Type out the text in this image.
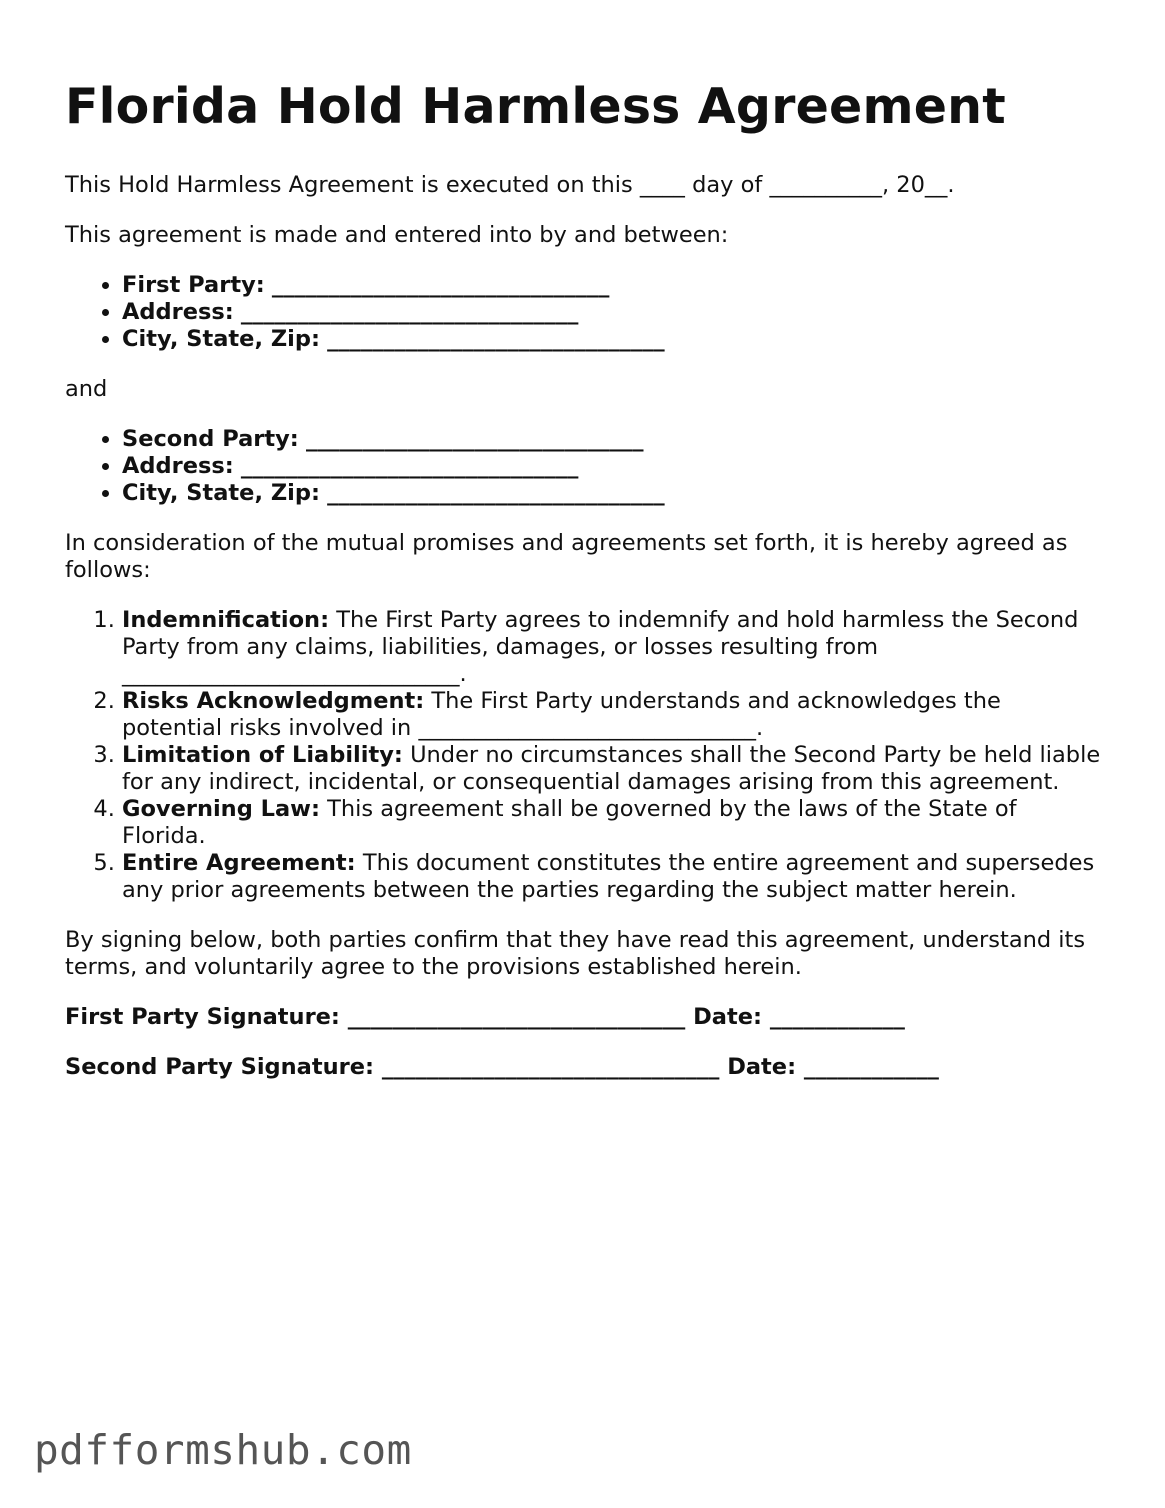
Florida Hold Harmless Agreement

This Hold Harmless Agreement is executed on this ____ day of __________, 20__.

This agreement is made and entered into by and between:

• First Party: ______________________________
• Address: ______________________________
• City, State, Zip: ______________________________

and

• Second Party: ______________________________
• Address: ______________________________
• City, State, Zip: ______________________________

In consideration of the mutual promises and agreements set forth, it is hereby agreed as follows:

1. Indemnification: The First Party agrees to indemnify and hold harmless the Second Party from any claims, liabilities, damages, or losses resulting from ______________________________.
2. Risks Acknowledgment: The First Party understands and acknowledges the potential risks involved in ______________________________.
3. Limitation of Liability: Under no circumstances shall the Second Party be held liable for any indirect, incidental, or consequential damages arising from this agreement.
4. Governing Law: This agreement shall be governed by the laws of the State of Florida.
5. Entire Agreement: This document constitutes the entire agreement and supersedes any prior agreements between the parties regarding the subject matter herein.

By signing below, both parties confirm that they have read this agreement, understand its terms, and voluntarily agree to the provisions established herein.

First Party Signature: ______________________________ Date: ____________

Second Party Signature: ______________________________ Date: ____________

pdfformshub.com
